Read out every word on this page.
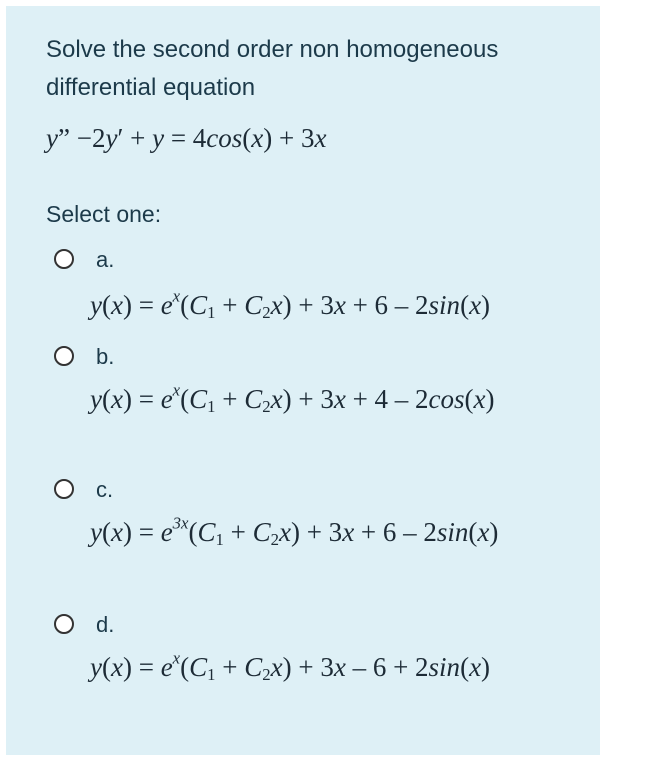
Solve the second order non homogeneous
differential equation
y” −2y′ + y = 4cos(x) + 3x
Select one:
a.
$y(x) = e^x(C_1 + C_2x) + 3x + 6 - 2\sin(x)$
b.
$y(x) = e^x(C_1 + C_2x) + 3x + 4 - 2\cos(x)$
c.
$y(x) = e^{3x}(C_1 + C_2x) + 3x + 6 - 2\sin(x)$
d.
$y(x) = e^x(C_1 + C_2x) + 3x - 6 + 2\sin(x)$
